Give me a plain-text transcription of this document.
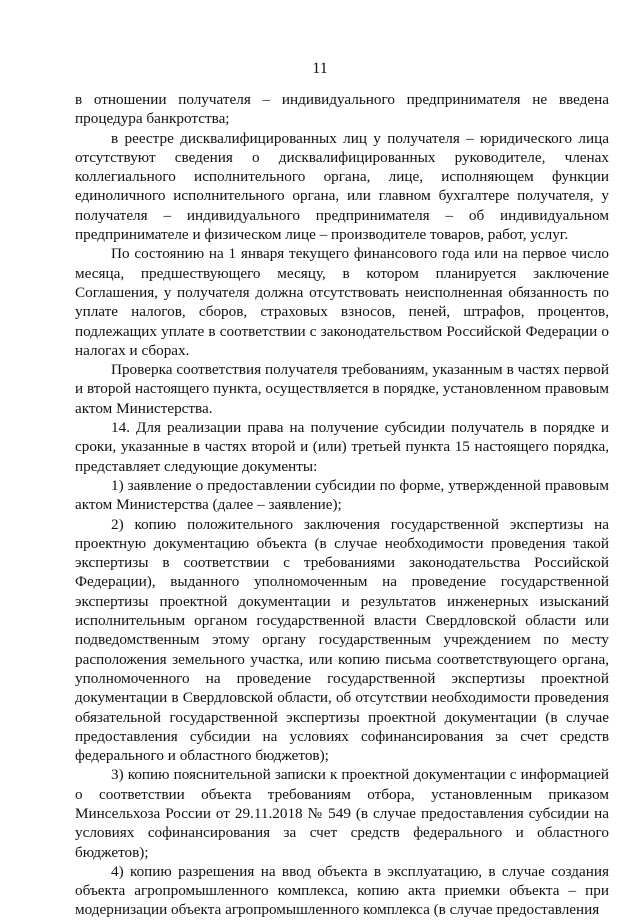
11

в отношении получателя – индивидуального предпринимателя не введена процедура банкротства;

в реестре дисквалифицированных лиц у получателя – юридического лица отсутствуют сведения о дисквалифицированных руководителе, членах коллегиального исполнительного органа, лице, исполняющем функции единоличного исполнительного органа, или главном бухгалтере получателя, у получателя – индивидуального предпринимателя – об индивидуальном предпринимателе и физическом лице – производителе товаров, работ, услуг.

По состоянию на 1 января текущего финансового года или на первое число месяца, предшествующего месяцу, в котором планируется заключение Соглашения, у получателя должна отсутствовать неисполненная обязанность по уплате налогов, сборов, страховых взносов, пеней, штрафов, процентов, подлежащих уплате в соответствии с законодательством Российской Федерации о налогах и сборах.

Проверка соответствия получателя требованиям, указанным в частях первой и второй настоящего пункта, осуществляется в порядке, установленном правовым актом Министерства.

14. Для реализации права на получение субсидии получатель в порядке и сроки, указанные в частях второй и (или) третьей пункта 15 настоящего порядка, представляет следующие документы:

1) заявление о предоставлении субсидии по форме, утвержденной правовым актом Министерства (далее – заявление);

2) копию положительного заключения государственной экспертизы на проектную документацию объекта (в случае необходимости проведения такой экспертизы в соответствии с требованиями законодательства Российской Федерации), выданного уполномоченным на проведение государственной экспертизы проектной документации и результатов инженерных изысканий исполнительным органом государственной власти Свердловской области или подведомственным этому органу государственным учреждением по месту расположения земельного участка, или копию письма соответствующего органа, уполномоченного на проведение государственной экспертизы проектной документации в Свердловской области, об отсутствии необходимости проведения обязательной государственной экспертизы проектной документации (в случае предоставления субсидии на условиях софинансирования за счет средств федерального и областного бюджетов);

3) копию пояснительной записки к проектной документации с информацией о соответствии объекта требованиям отбора, установленным приказом Минсельхоза России от 29.11.2018 № 549 (в случае предоставления субсидии на условиях софинансирования за счет средств федерального и областного бюджетов);

4) копию разрешения на ввод объекта в эксплуатацию, в случае создания объекта агропромышленного комплекса, копию акта приемки объекта – при модернизации объекта агропромышленного комплекса (в случае предоставления
